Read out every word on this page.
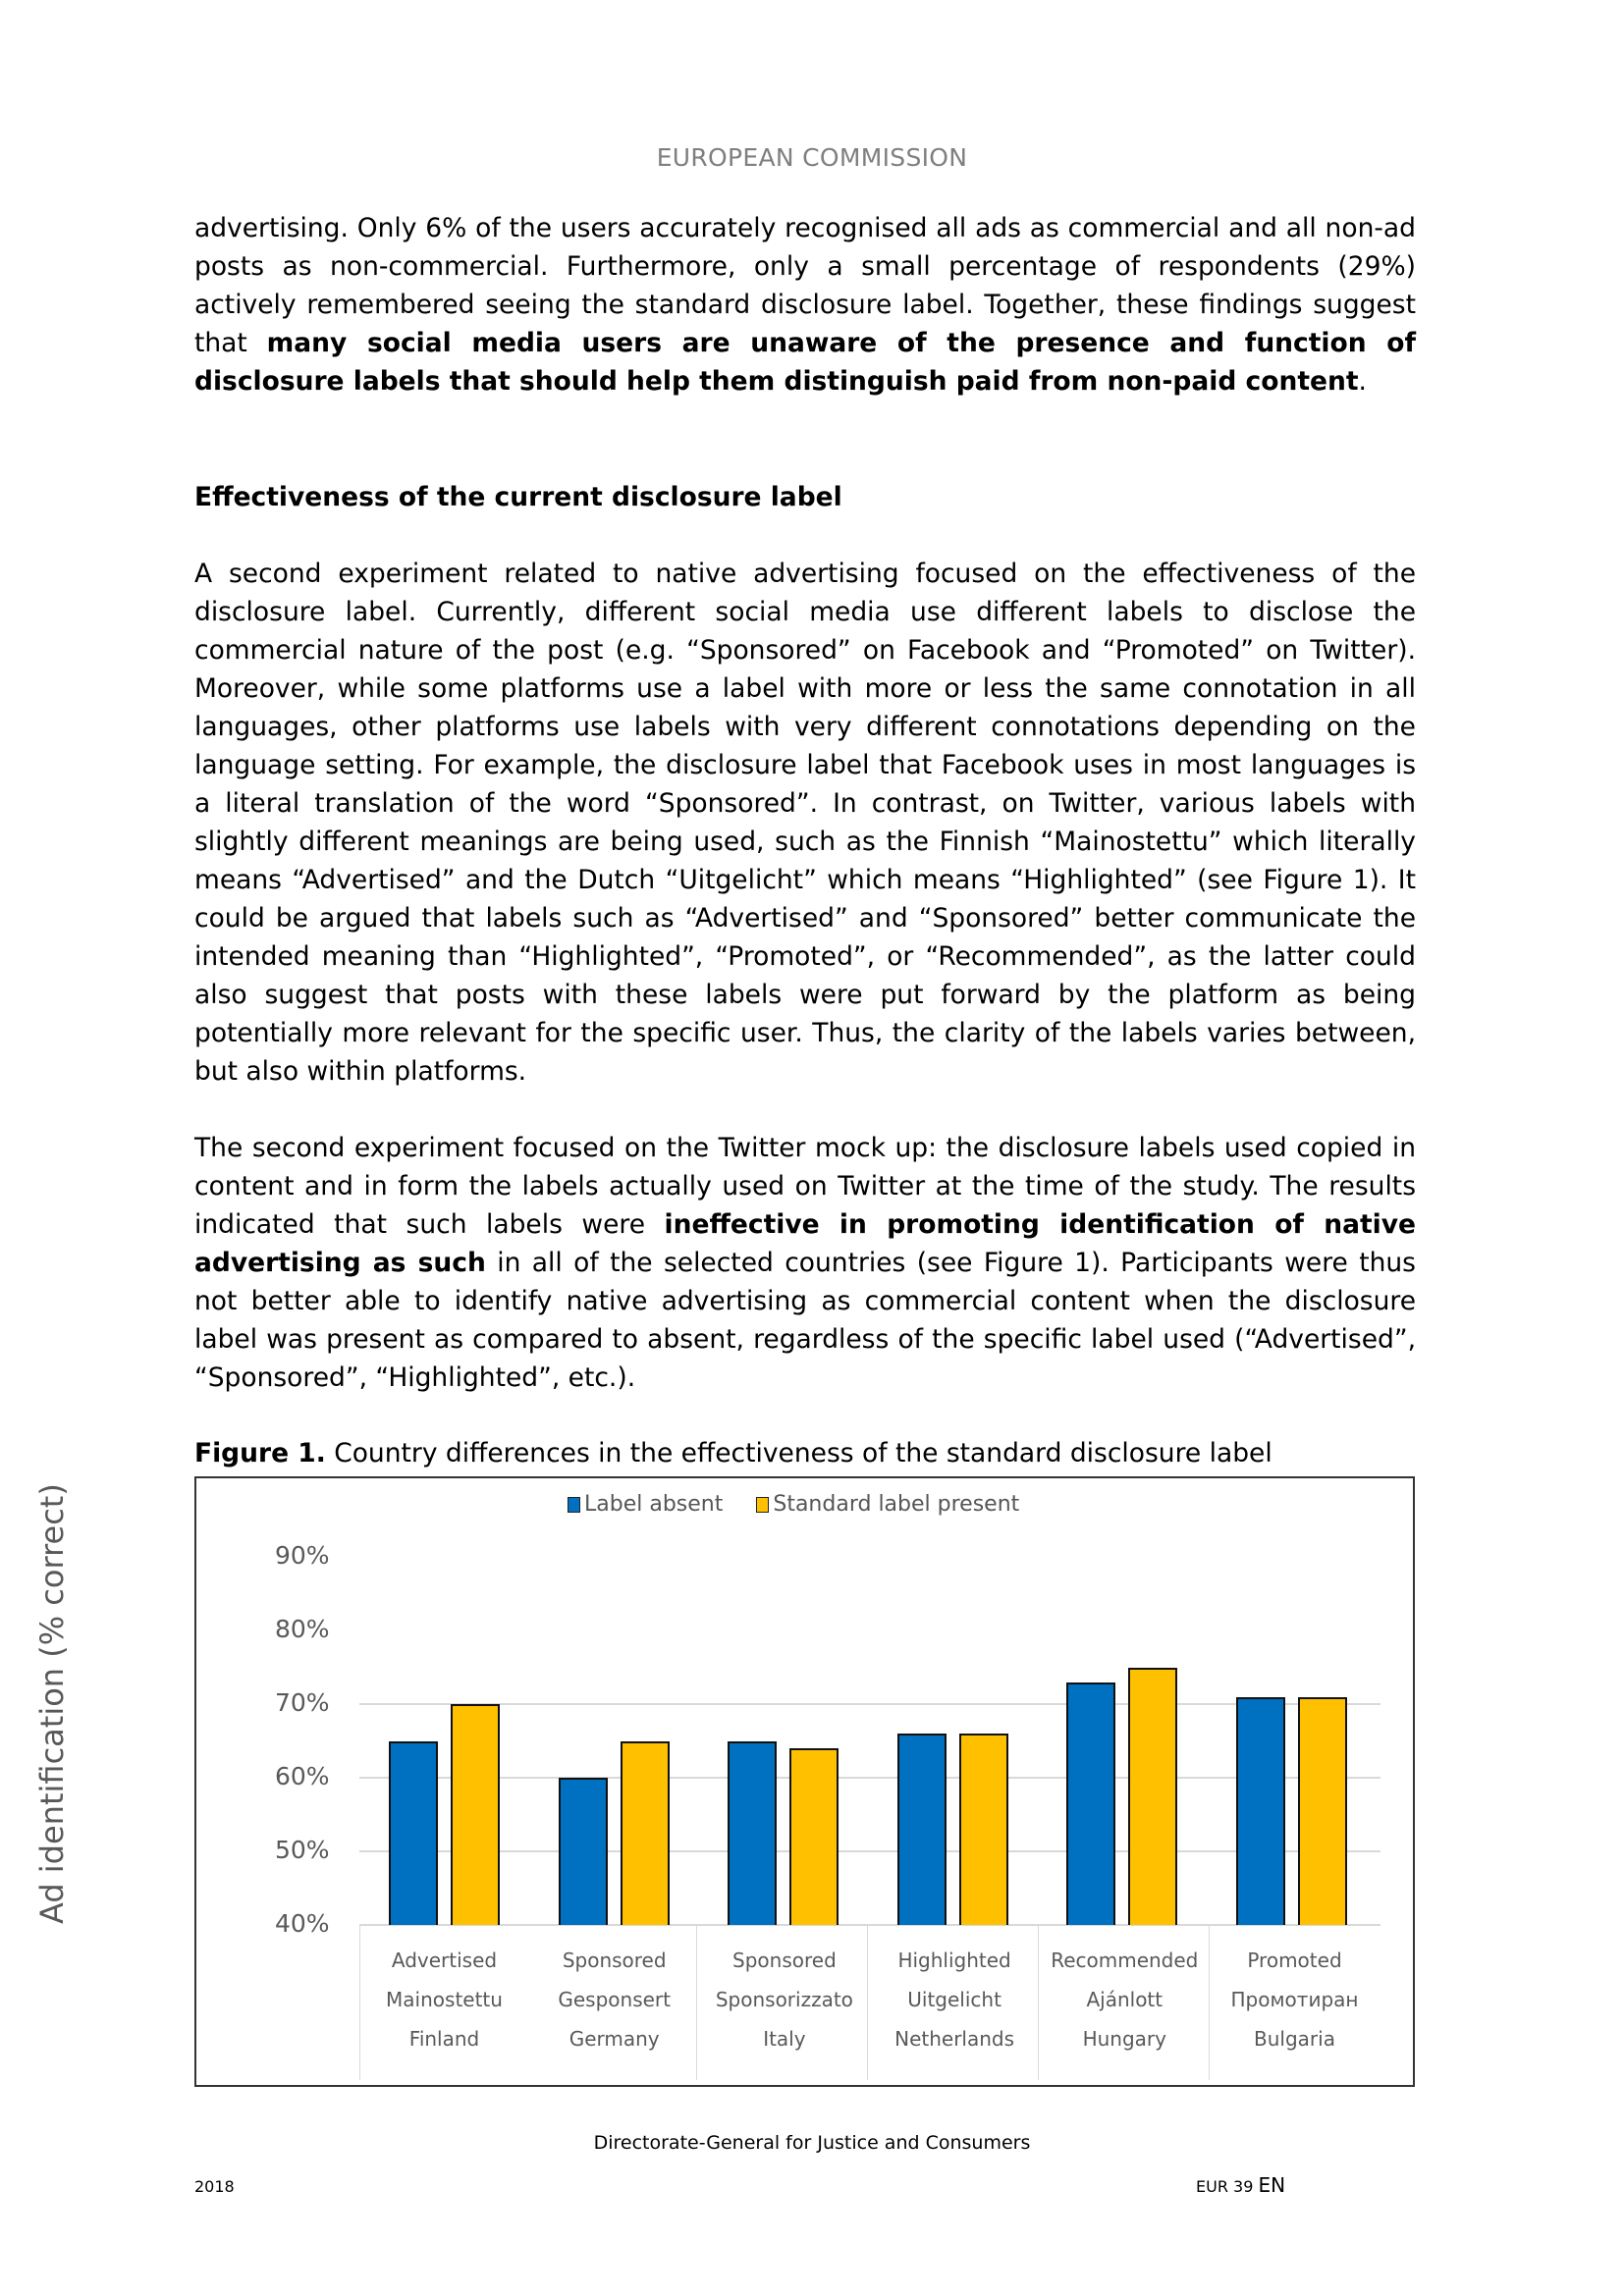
EUROPEAN COMMISSION

advertising. Only 6% of the users accurately recognised all ads as commercial and all non-ad posts as non-commercial. Furthermore, only a small percentage of respondents (29%) actively remembered seeing the standard disclosure label. Together, these findings suggest that many social media users are unaware of the presence and function of disclosure labels that should help them distinguish paid from non-paid content.

Effectiveness of the current disclosure label

A second experiment related to native advertising focused on the effectiveness of the disclosure label. Currently, different social media use different labels to disclose the commercial nature of the post (e.g. “Sponsored” on Facebook and “Promoted” on Twitter). Moreover, while some platforms use a label with more or less the same connotation in all languages, other platforms use labels with very different connotations depending on the language setting. For example, the disclosure label that Facebook uses in most languages is a literal translation of the word “Sponsored”. In contrast, on Twitter, various labels with slightly different meanings are being used, such as the Finnish “Mainostettu” which literally means “Advertised” and the Dutch “Uitgelicht” which means “Highlighted” (see Figure 1). It could be argued that labels such as “Advertised” and “Sponsored” better communicate the intended meaning than “Highlighted”, “Promoted”, or “Recommended”, as the latter could also suggest that posts with these labels were put forward by the platform as being potentially more relevant for the specific user. Thus, the clarity of the labels varies between, but also within platforms.

The second experiment focused on the Twitter mock up: the disclosure labels used copied in content and in form the labels actually used on Twitter at the time of the study. The results indicated that such labels were ineffective in promoting identification of native advertising as such in all of the selected countries (see Figure 1). Participants were thus not better able to identify native advertising as commercial content when the disclosure label was present as compared to absent, regardless of the specific label used (“Advertised”, “Sponsored”, “Highlighted”, etc.).

Figure 1. Country differences in the effectiveness of the standard disclosure label

Label absent Standard label present
Ad identification (% correct)	90%
80%
70%
60%
50%
40%
Advertised
Mainostettu
Finland
Sponsored
Gesponsert
Germany
Sponsored
Sponsorizzato
Italy
Highlighted
Uitgelicht
Netherlands
Recommended
Ajánlott
Hungary
Promoted
Промотиран
Bulgaria
Directorate-General for Justice and Consumers
2018	EUR 39 EN
